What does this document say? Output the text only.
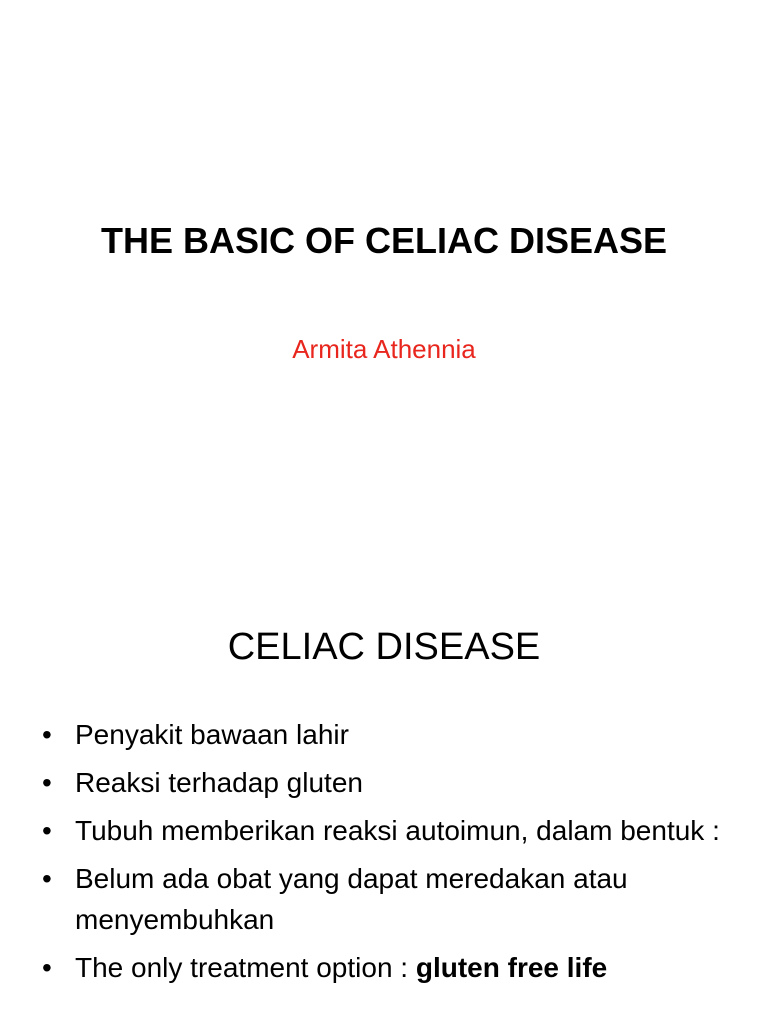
THE BASIC OF CELIAC DISEASE
Armita Athennia
CELIAC DISEASE
• Penyakit bawaan lahir
• Reaksi terhadap gluten
• Tubuh memberikan reaksi autoimun, dalam bentuk :
• Belum ada obat yang dapat meredakan atau menyembuhkan
• The only treatment option : gluten free life
